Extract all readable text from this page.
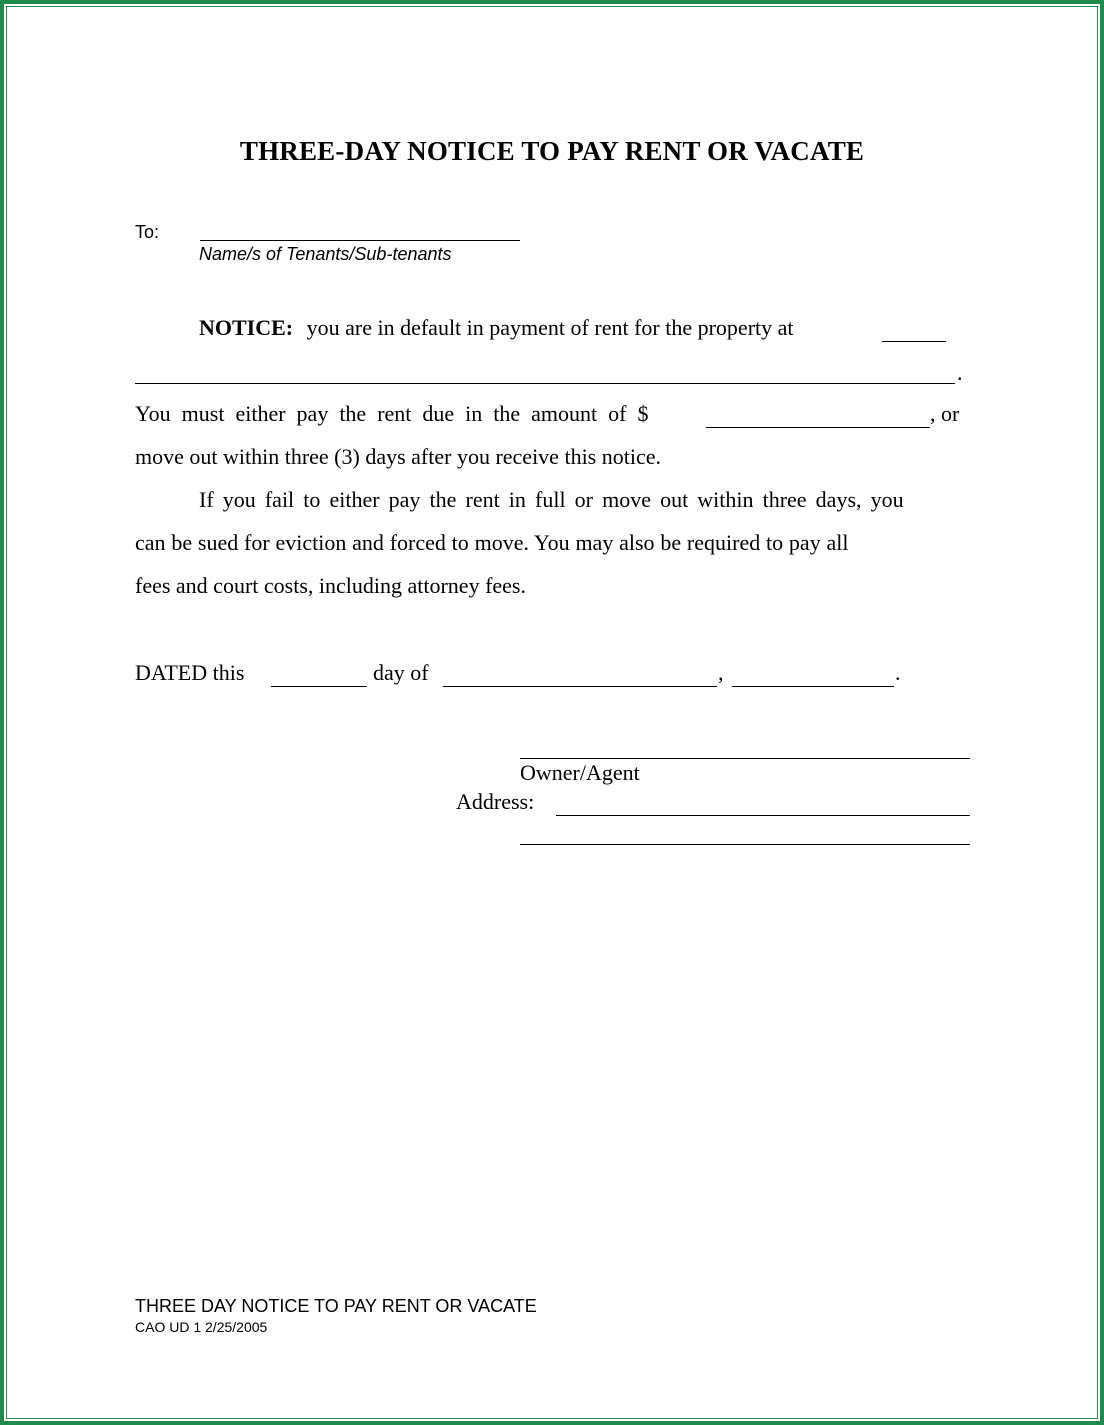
THREE-DAY NOTICE TO PAY RENT OR VACATE
To:
Name/s of Tenants/Sub-tenants
NOTICE: you are in default in payment of rent for the property at
.
You must either pay the rent due in the amount of $	, or
move out within three (3) days after you receive this notice.
If you fail to either pay the rent in full or move out within three days, you
can be sued for eviction and forced to move. You may also be required to pay all
fees and court costs, including attorney fees.
DATED this	day of	,	.
Owner/Agent
Address:
THREE DAY NOTICE TO PAY RENT OR VACATE
CAO UD 1 2/25/2005
